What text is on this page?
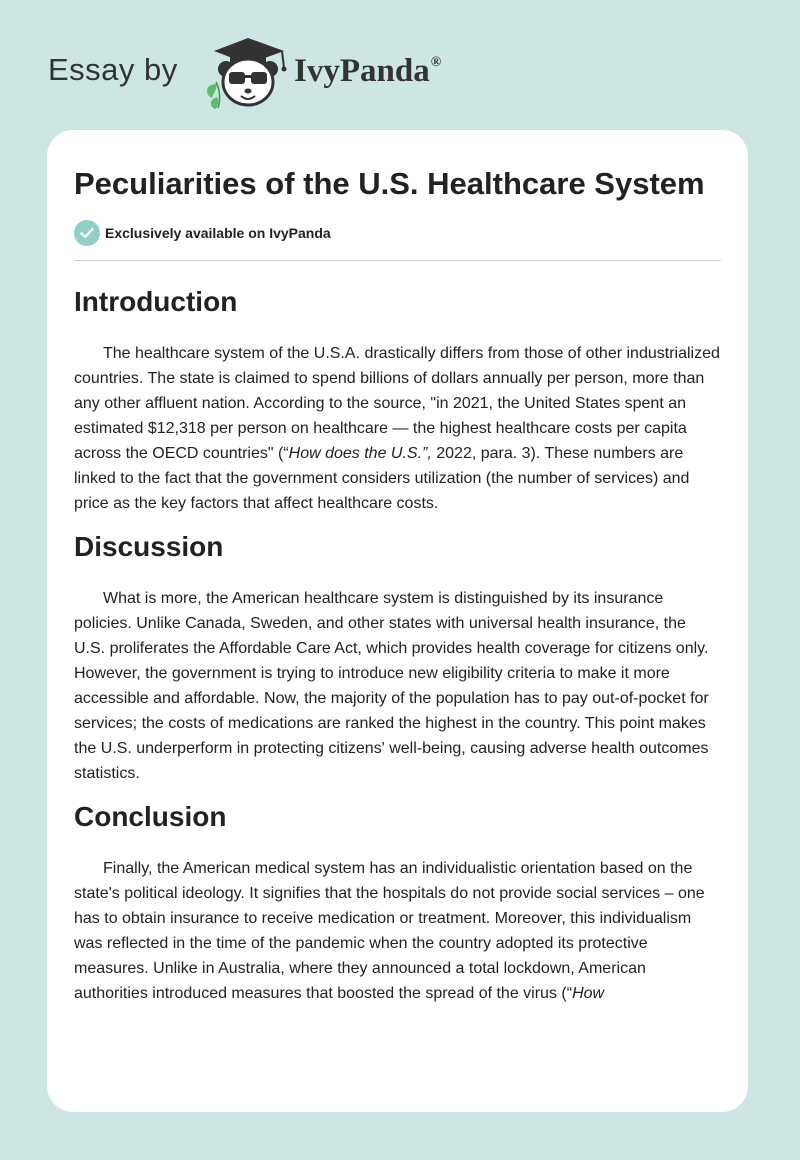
Essay by	IvyPanda®
Peculiarities of the U.S. Healthcare System
Exclusively available on IvyPanda
Introduction

The healthcare system of the U.S.A. drastically differs from those of other industrialized countries. The state is claimed to spend billions of dollars annually per person, more than any other affluent nation. According to the source, "in 2021, the United States spent an estimated $12,318 per person on healthcare — the highest healthcare costs per capita across the OECD countries" (“How does the U.S.”, 2022, para. 3). These numbers are linked to the fact that the government considers utilization (the number of services) and price as the key factors that affect healthcare costs.

Discussion

What is more, the American healthcare system is distinguished by its insurance policies. Unlike Canada, Sweden, and other states with universal health insurance, the U.S. proliferates the Affordable Care Act, which provides health coverage for citizens only. However, the government is trying to introduce new eligibility criteria to make it more accessible and affordable. Now, the majority of the population has to pay out-of-pocket for services; the costs of medications are ranked the highest in the country. This point makes the U.S. underperform in protecting citizens' well-being, causing adverse health outcomes statistics.

Conclusion

Finally, the American medical system has an individualistic orientation based on the state's political ideology. It signifies that the hospitals do not provide social services – one has to obtain insurance to receive medication or treatment. Moreover, this individualism was reflected in the time of the pandemic when the country adopted its protective measures. Unlike in Australia, where they announced a total lockdown, American authorities introduced measures that boosted the spread of the virus (“How
